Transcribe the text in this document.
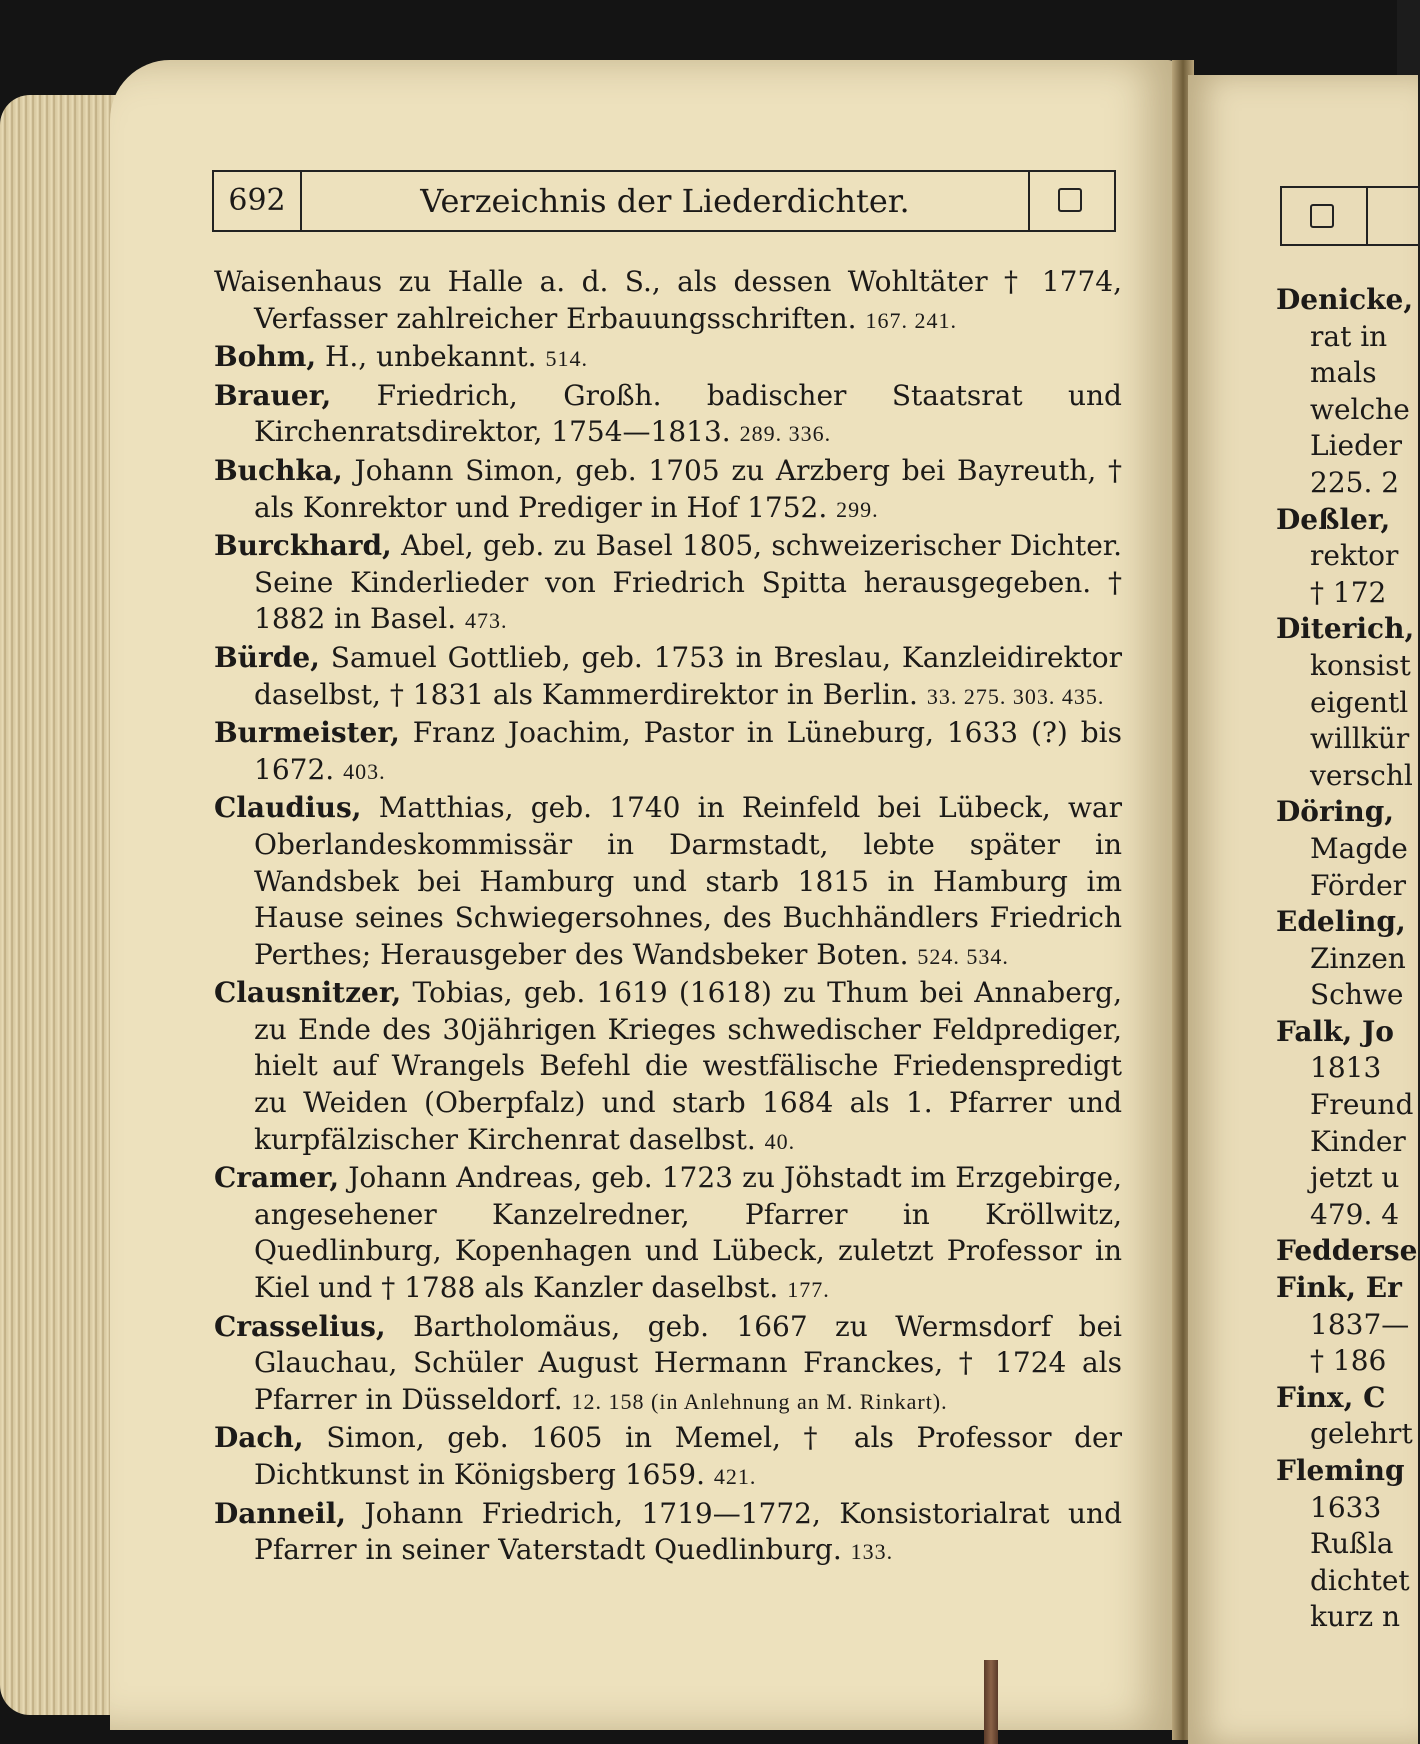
692	Verzeichnis der Liederdichter.

Waisenhaus zu Halle a. d. S., als dessen Wohltäter † 1774, Verfasser zahlreicher Erbauungsschriften. 167. 241.

Bohm, H., unbekannt. 514.

Brauer, Friedrich, Großh. badischer Staatsrat und Kirchenratsdirektor, 1754—1813. 289. 336.

Buchka, Johann Simon, geb. 1705 zu Arzberg bei Bayreuth, † als Konrektor und Prediger in Hof 1752. 299.

Burckhard, Abel, geb. zu Basel 1805, schweizerischer Dichter. Seine Kinderlieder von Friedrich Spitta herausgegeben. † 1882 in Basel. 473.

Bürde, Samuel Gottlieb, geb. 1753 in Breslau, Kanzleidirektor daselbst, † 1831 als Kammerdirektor in Berlin. 33. 275. 303. 435.

Burmeister, Franz Joachim, Pastor in Lüneburg, 1633 (?) bis 1672. 403.

Claudius, Matthias, geb. 1740 in Reinfeld bei Lübeck, war Oberlandeskommissär in Darmstadt, lebte später in Wandsbek bei Hamburg und starb 1815 in Hamburg im Hause seines Schwiegersohnes, des Buchhändlers Friedrich Perthes; Herausgeber des Wandsbeker Boten. 524. 534.

Clausnitzer, Tobias, geb. 1619 (1618) zu Thum bei Annaberg, zu Ende des 30jährigen Krieges schwedischer Feldprediger, hielt auf Wrangels Befehl die westfälische Friedenspredigt zu Weiden (Oberpfalz) und starb 1684 als 1. Pfarrer und kurpfälzischer Kirchenrat daselbst. 40.

Cramer, Johann Andreas, geb. 1723 zu Jöhstadt im Erzgebirge, angesehener Kanzelredner, Pfarrer in Kröllwitz, Quedlinburg, Kopenhagen und Lübeck, zuletzt Professor in Kiel und † 1788 als Kanzler daselbst. 177.

Crasselius, Bartholomäus, geb. 1667 zu Wermsdorf bei Glauchau, Schüler August Hermann Franckes, † 1724 als Pfarrer in Düsseldorf. 12. 158 (in Anlehnung an M. Rinkart).

Dach, Simon, geb. 1605 in Memel, † als Professor der Dichtkunst in Königsberg 1659. 421.

Danneil, Johann Friedrich, 1719—1772, Konsistorialrat und Pfarrer in seiner Vaterstadt Quedlinburg. 133.

Denicke,
rat in
mals
welche
Lieder
225. 2
Deßler,
rektor
† 172
Diterich,
konsist
eigentl
willkür
verschl
Döring,
Magde
Förder
Edeling,
Zinzen
Schwe
Falk, Jo
1813
Freund
Kinder
jetzt u
479. 4
Fedderse
Fink, Er
1837—
† 186
Finx, C
gelehrt
Fleming
1633
Rußla
dichtet
kurz n
